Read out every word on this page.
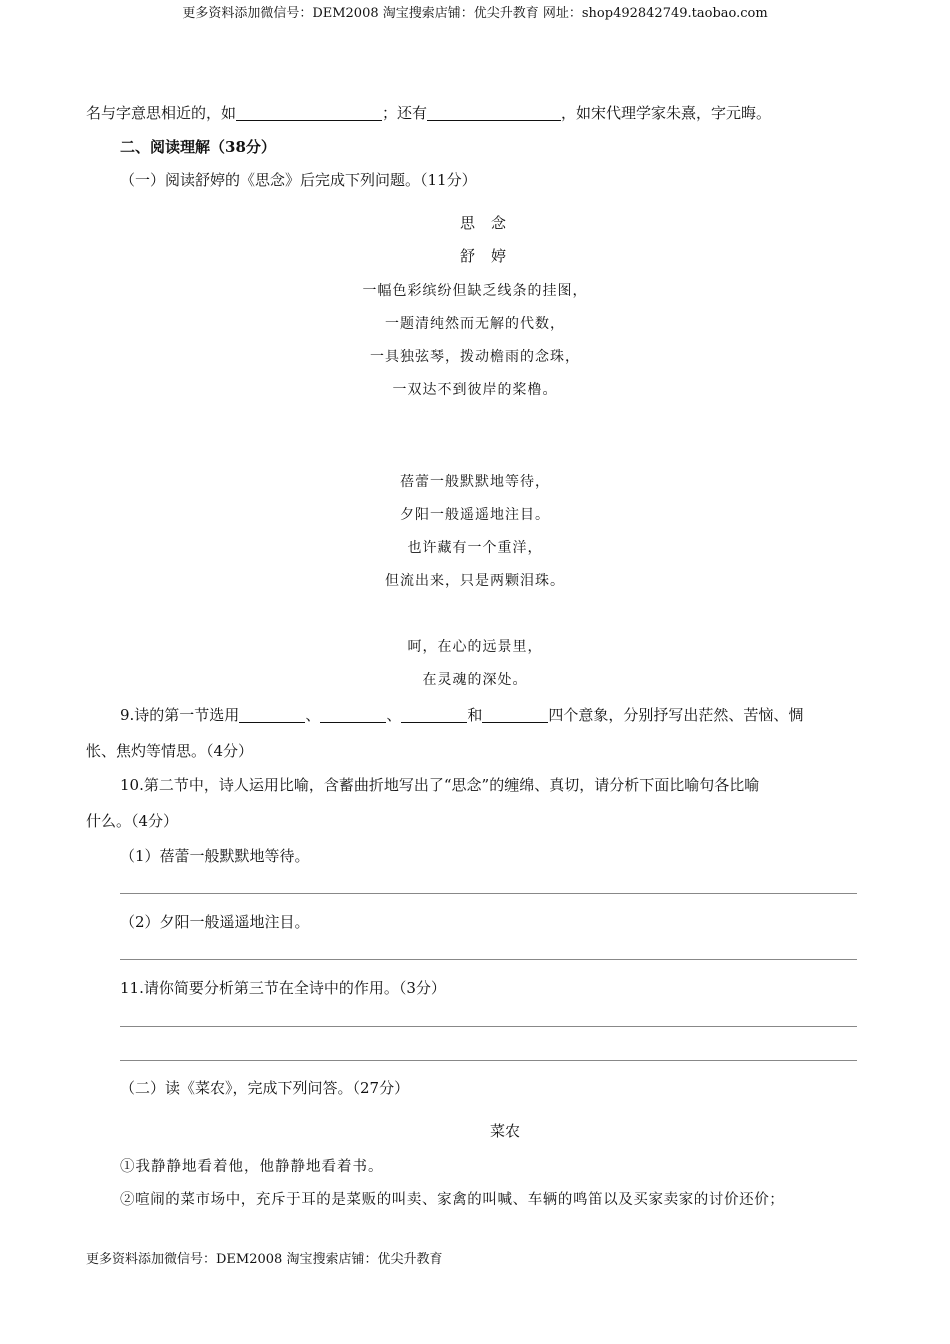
更多资料添加微信号：DEM2008 淘宝搜索店铺：优尖升教育 网址：shop492842749.taobao.com
名与字意思相近的，如	；还有	，如宋代理学家朱熹，字元晦。
二、阅读理解（38分）
（一）阅读舒婷的《思念》后完成下列问题。（11分）
思念
舒婷
一幅色彩缤纷但缺乏线条的挂图，
一题清纯然而无解的代数，
一具独弦琴，拨动檐雨的念珠，
一双达不到彼岸的桨橹。
蓓蕾一般默默地等待，
夕阳一般遥遥地注目。
也许藏有一个重洋，
但流出来，只是两颗泪珠。
呵，在心的远景里，
在灵魂的深处。
9.诗的第一节选用	、	、	和	四个意象，分别抒写出茫然、苦恼、惆
怅、焦灼等情思。（4分）
10.第二节中，诗人运用比喻，含蓄曲折地写出了“思念”的缠绵、真切，请分析下面比喻句各比喻
什么。（4分）
（1）蓓蕾一般默默地等待。
（2）夕阳一般遥遥地注目。
11.请你简要分析第三节在全诗中的作用。（3分）
（二）读《菜农》，完成下列问答。（27分）
菜农
①我静静地看着他，他静静地看着书。
②喧闹的菜市场中，充斥于耳的是菜贩的叫卖、家禽的叫喊、车辆的鸣笛以及买家卖家的讨价还价；
更多资料添加微信号：DEM2008 淘宝搜索店铺：优尖升教育
